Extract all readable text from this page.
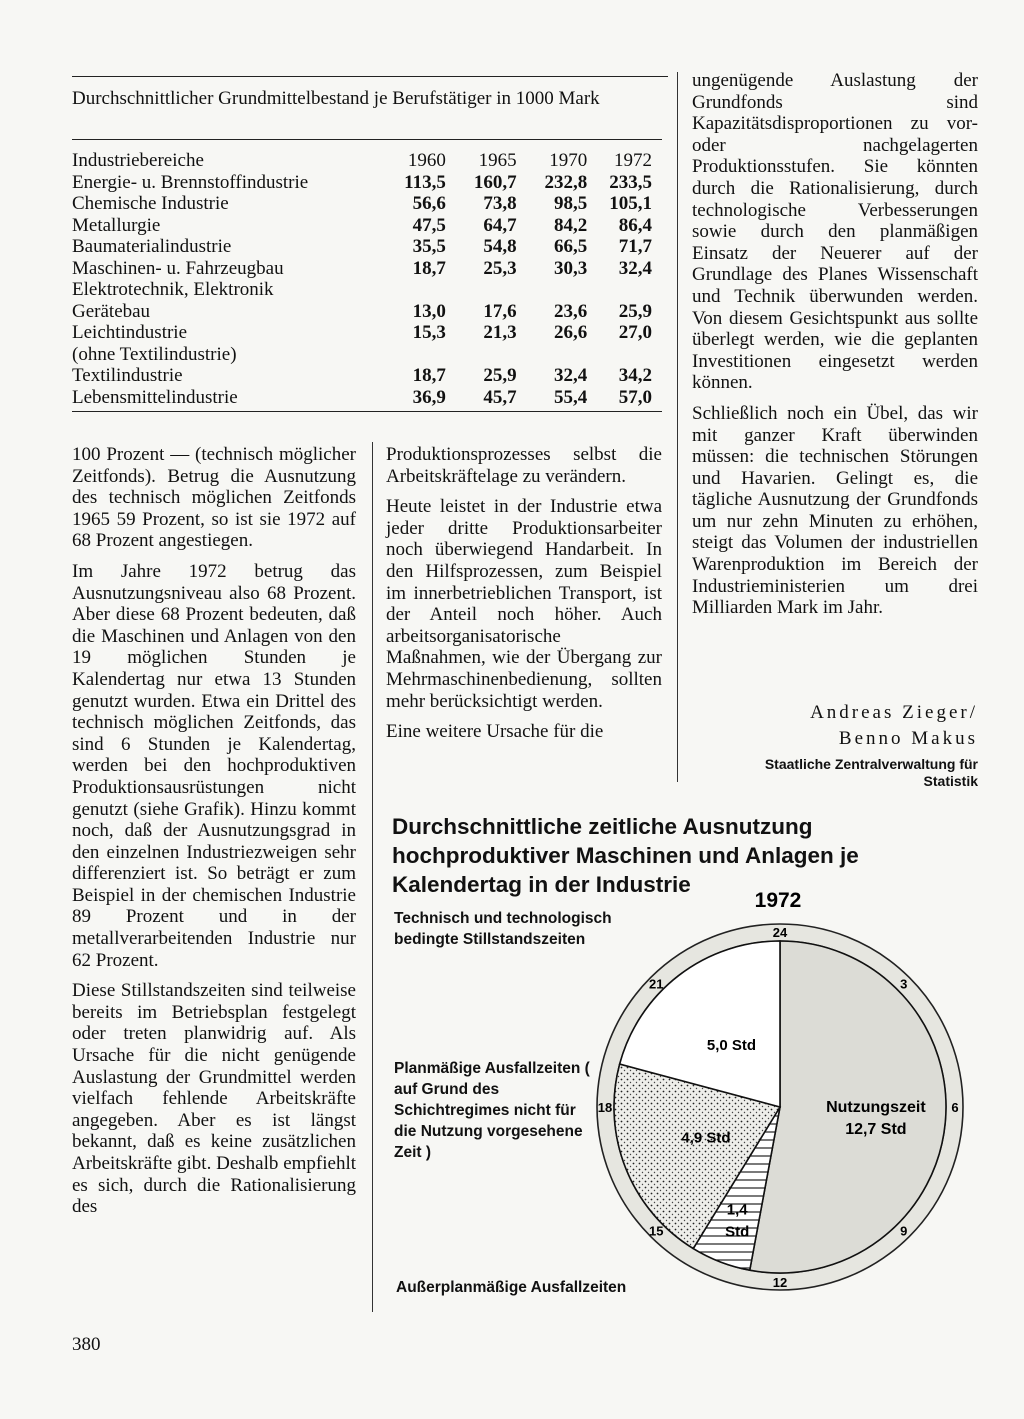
Durchschnittlicher Grundmittelbestand je Berufstätiger in 1000 Mark
Industriebereiche	1960	1965	1970	1972
Energie- u. Brennstoffindustrie	113,5	160,7	232,8	233,5
Chemische Industrie	56,6	73,8	98,5	105,1
Metallurgie	47,5	64,7	84,2	86,4
Baumaterialindustrie	35,5	54,8	66,5	71,7
Maschinen- u. Fahrzeugbau	18,7	25,3	30,3	32,4
Elektrotechnik, Elektronik				
Gerätebau	13,0	17,6	23,6	25,9
Leichtindustrie	15,3	21,3	26,6	27,0
(ohne Textilindustrie)				
Textilindustrie	18,7	25,9	32,4	34,2
Lebensmittelindustrie	36,9	45,7	55,4	57,0

100 Prozent — (technisch möglicher Zeitfonds). Betrug die Ausnutzung des technisch möglichen Zeitfonds 1965 59 Prozent, so ist sie 1972 auf 68 Prozent angestiegen.

Im Jahre 1972 betrug das Ausnutzungsniveau also 68 Prozent. Aber diese 68 Prozent bedeuten, daß die Maschinen und Anlagen von den 19 möglichen Stunden je Kalendertag nur etwa 13 Stunden genutzt wurden. Etwa ein Drittel des technisch möglichen Zeitfonds, das sind 6 Stunden je Kalendertag, werden bei den hochproduktiven Produktionsausrüstungen nicht genutzt (siehe Grafik). Hinzu kommt noch, daß der Ausnutzungsgrad in den einzelnen Industriezweigen sehr differenziert ist. So beträgt er zum Beispiel in der chemischen Industrie 89 Prozent und in der metallverarbeitenden Industrie nur 62 Prozent.

Diese Stillstandszeiten sind teilweise bereits im Betriebsplan festgelegt oder treten planwidrig auf. Als Ursache für die nicht genügende Auslastung der Grundmittel werden vielfach fehlende Arbeitskräfte angegeben. Aber es ist längst bekannt, daß es keine zusätzlichen Arbeitskräfte gibt. Deshalb empfiehlt es sich, durch die Rationalisierung des

Produktionsprozesses selbst die Arbeitskräftelage zu verändern.

Heute leistet in der Industrie etwa jeder dritte Produktionsarbeiter noch überwiegend Handarbeit. In den Hilfsprozessen, zum Beispiel im innerbetrieblichen Transport, ist der Anteil noch höher. Auch arbeitsorganisatorische Maßnahmen, wie der Übergang zur Mehrmaschinenbedienung, sollten mehr berücksichtigt werden.

Eine weitere Ursache für die

ungenügende Auslastung der Grundfonds sind Kapazitätsdisproportionen zu vor- oder nachgelagerten Produktionsstufen. Sie könnten durch die Rationalisierung, durch technologische Verbesserungen sowie durch den planmäßigen Einsatz der Neuerer auf der Grundlage des Planes Wissenschaft und Technik überwunden werden. Von diesem Gesichtspunkt aus sollte überlegt werden, wie die geplanten Investitionen eingesetzt werden können.

Schließlich noch ein Übel, das wir mit ganzer Kraft überwinden müssen: die technischen Störungen und Havarien. Gelingt es, die tägliche Ausnutzung der Grundfonds um nur zehn Minuten zu erhöhen, steigt das Volumen der industriellen Warenproduktion im Bereich der Industrieministerien um drei Milliarden Mark im Jahr.

Andreas Zieger/
Benno Makus
Staatliche Zentralverwaltung für Statistik
Durchschnittliche zeitliche Ausnutzung hochproduktiver Maschinen und Anlagen je Kalendertag in der Industrie
Technisch und technologisch bedingte Stillstandszeiten
Planmäßige Ausfallzeiten ( auf Grund des Schichtregimes nicht für die Nutzung vorgesehene Zeit )
Außerplanmäßige Ausfallzeiten
1972
Nutzungszeit
12,7 Std
1,4
Std
4,9 Std
5,0 Std
24
3
6
9
12
15
18
21
380
